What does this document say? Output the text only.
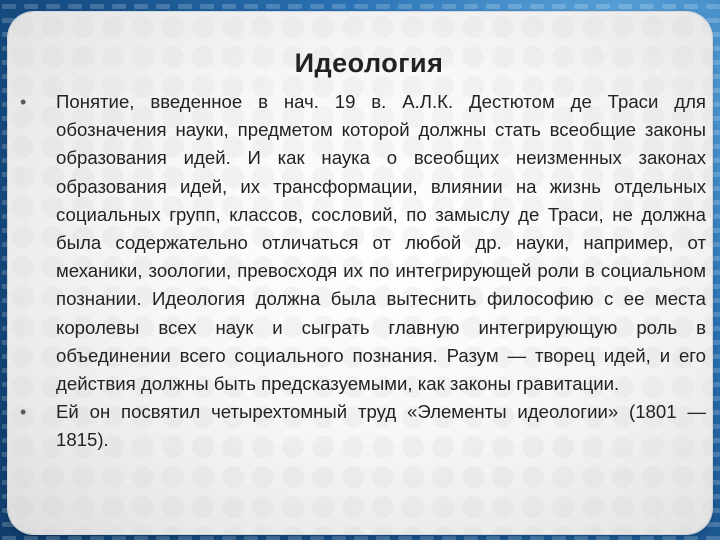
Идеология
• Понятие, введенное в нач. 19 в. А.Л.К. Дестютом де Траси для обозначения науки, предметом которой должны стать всеобщие законы образования идей. И как наука о всеобщих неизменных законах образования идей, их трансформации, влиянии на жизнь отдельных социальных групп, классов, сословий, по замыслу де Траси, не должна была содержательно отличаться от любой др. науки, например, от механики, зоологии, превосходя их по интегрирующей роли в социальном познании. Идеология должна была вытеснить философию с ее места королевы всех наук и сыграть главную интегрирующую роль в объединении всего социального познания. Разум — творец идей, и его действия должны быть предсказуемыми, как законы гравитации.
• Ей он посвятил четырехтомный труд «Элементы идеологии» (1801 — 1815).
